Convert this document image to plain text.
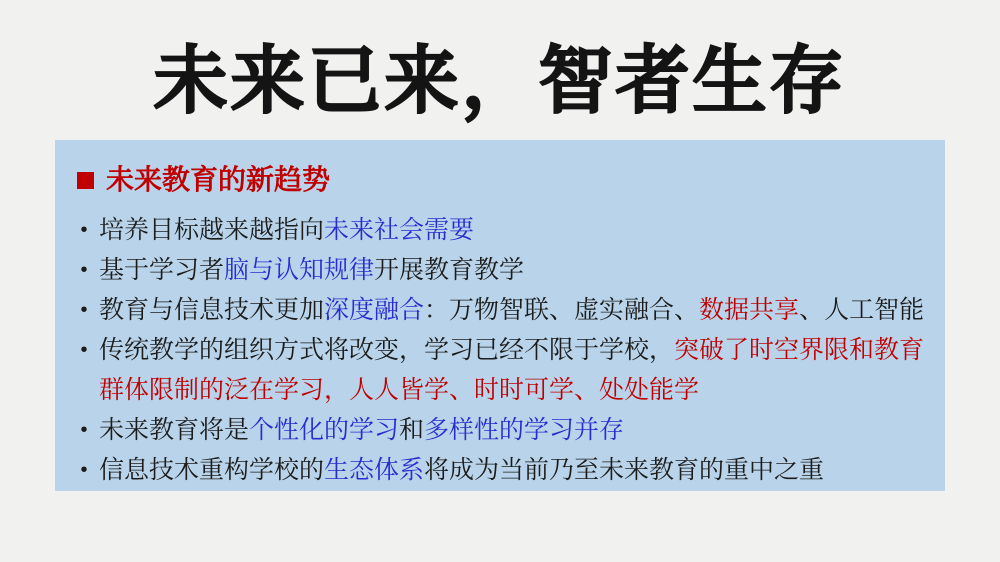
未来已来，智者生存
未来教育的新趋势
• 培养目标越来越指向未来社会需要
• 基于学习者脑与认知规律开展教育教学
• 教育与信息技术更加深度融合：万物智联、虚实融合、数据共享、人工智能
• 传统教学的组织方式将改变，学习已经不限于学校，突破了时空界限和教育群体限制的泛在学习，人人皆学、时时可学、处处能学
• 未来教育将是个性化的学习和多样性的学习并存
• 信息技术重构学校的生态体系将成为当前乃至未来教育的重中之重
